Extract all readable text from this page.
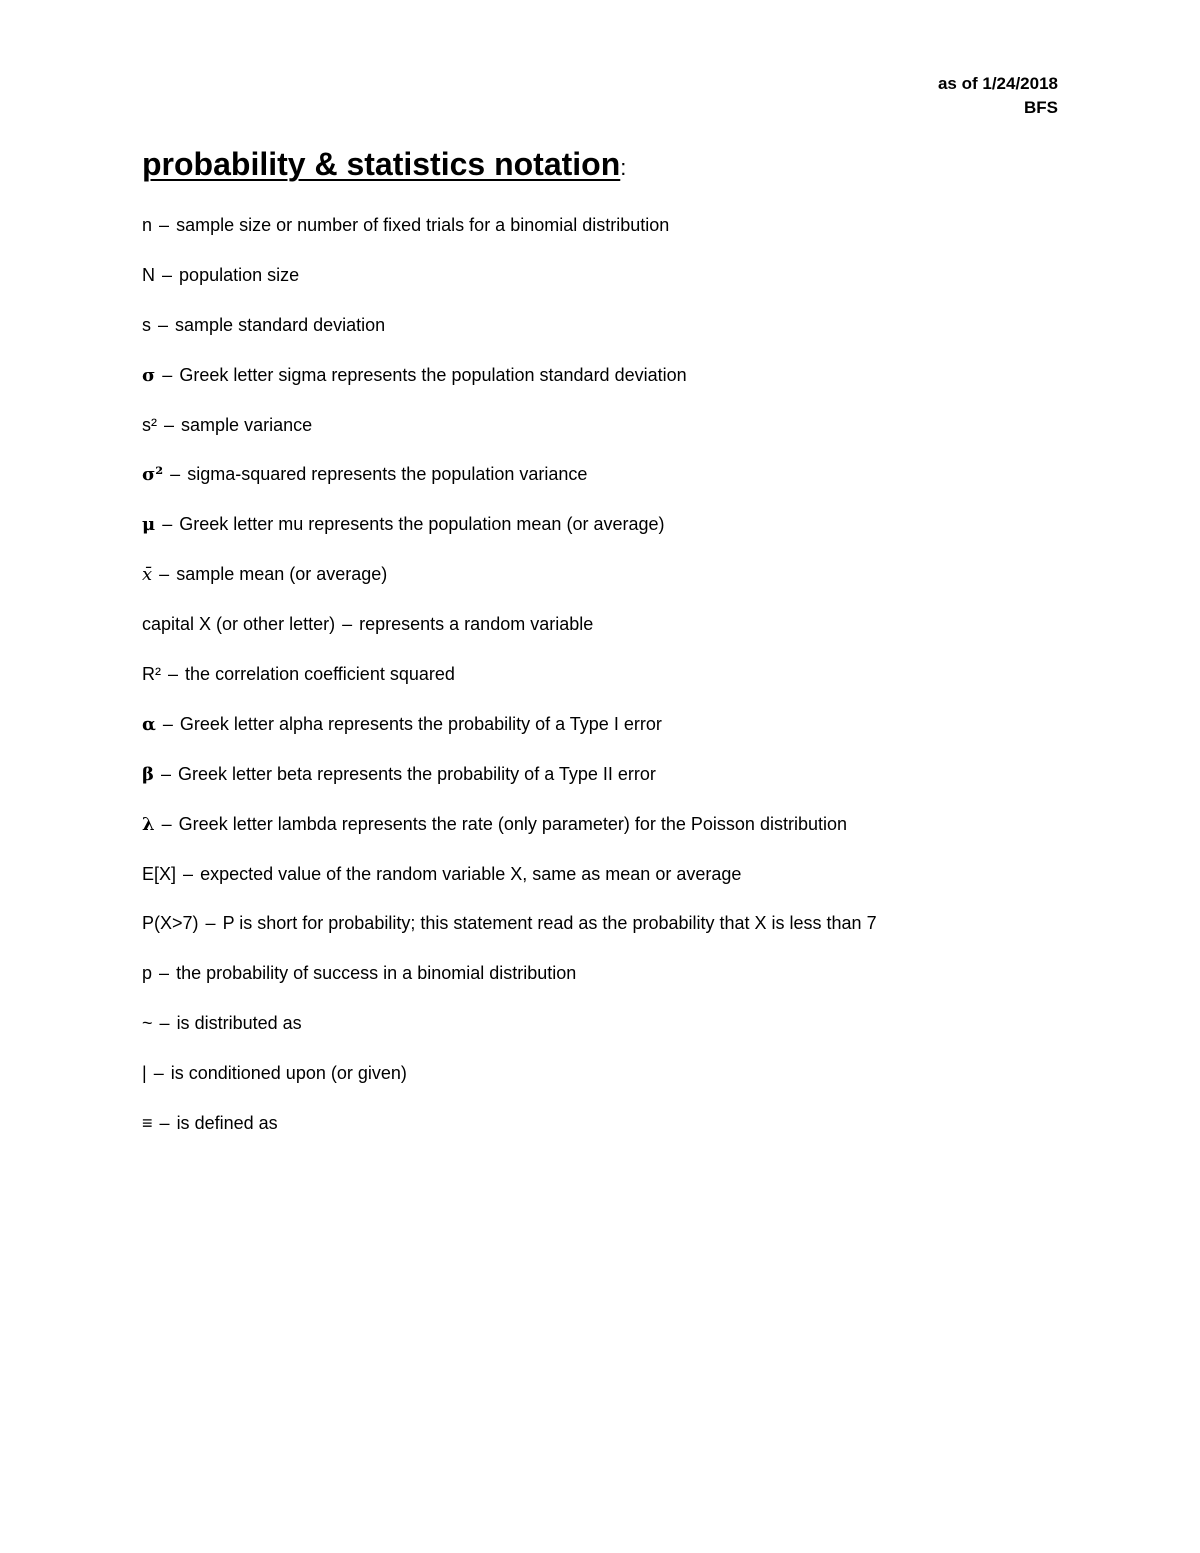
as of 1/24/2018
BFS
probability & statistics notation:
n – sample size or number of fixed trials for a binomial distribution
N – population size
s – sample standard deviation
σ – Greek letter sigma represents the population standard deviation
s² – sample variance
σ² – sigma-squared represents the population variance
μ – Greek letter mu represents the population mean (or average)
x̄ – sample mean (or average)
capital X (or other letter) – represents a random variable
R² – the correlation coefficient squared
α – Greek letter alpha represents the probability of a Type I error
β – Greek letter beta represents the probability of a Type II error
λ – Greek letter lambda represents the rate (only parameter) for the Poisson distribution
E[X] – expected value of the random variable X, same as mean or average
P(X>7) – P is short for probability; this statement read as the probability that X is less than 7
p – the probability of success in a binomial distribution
~ – is distributed as
| – is conditioned upon (or given)
≡ – is defined as
